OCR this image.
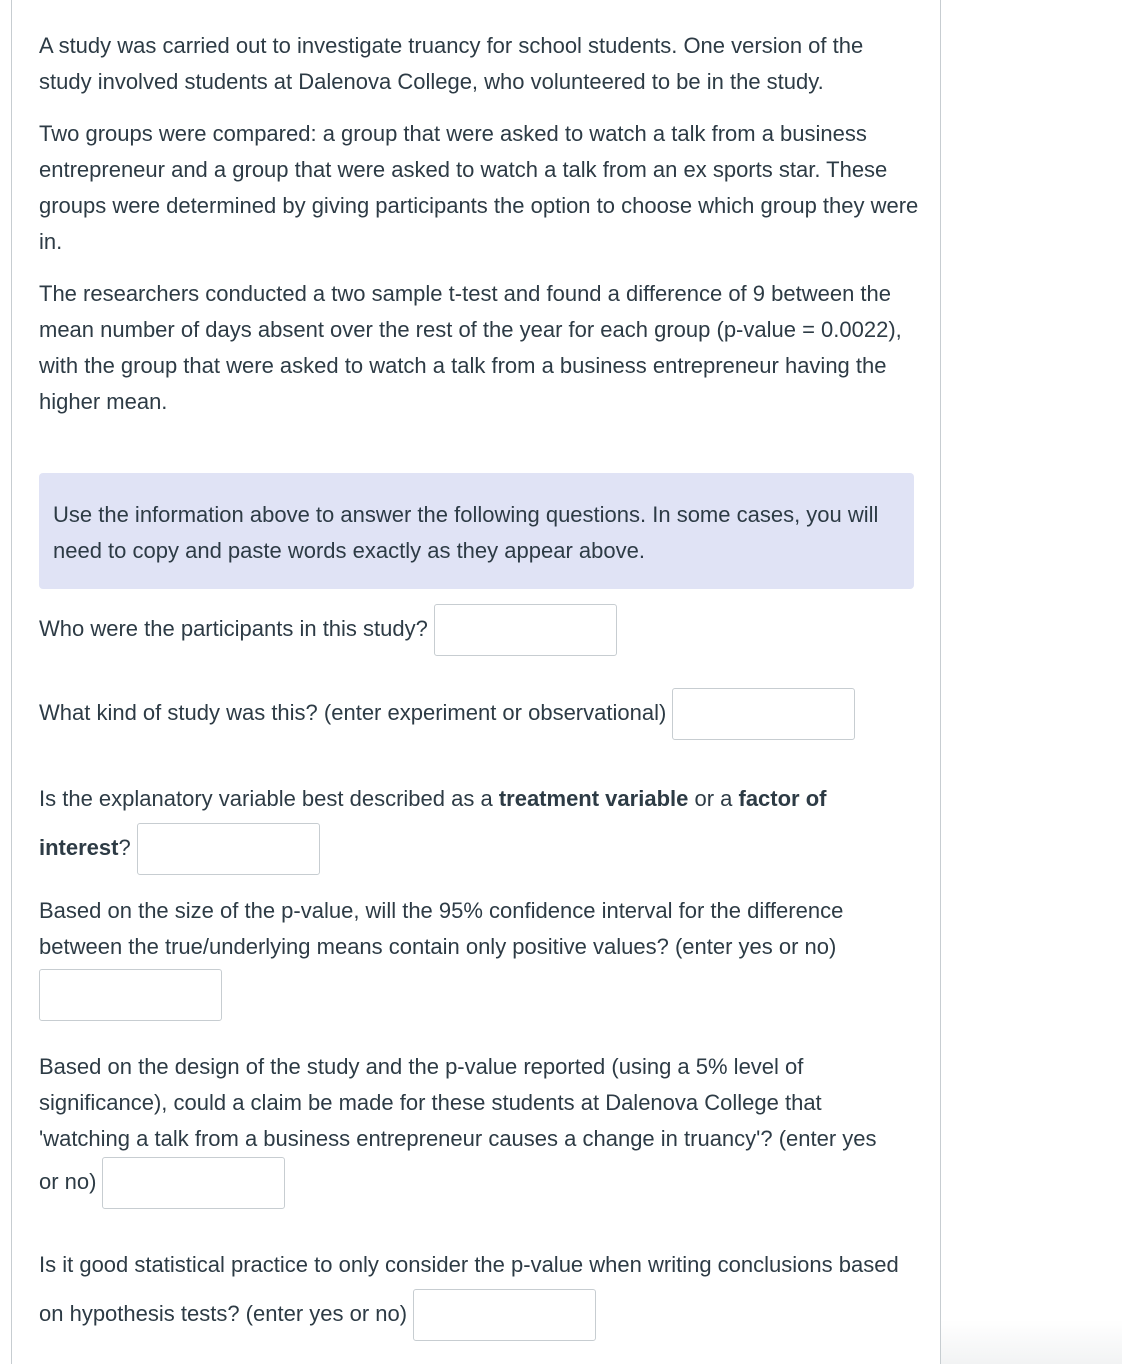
A study was carried out to investigate truancy for school students. One version of the study involved students at Dalenova College, who volunteered to be in the study.

Two groups were compared: a group that were asked to watch a talk from a business entrepreneur and a group that were asked to watch a talk from an ex sports star. These groups were determined by giving participants the option to choose which group they were in.

The researchers conducted a two sample t-test and found a difference of 9 between the mean number of days absent over the rest of the year for each group (p-value = 0.0022), with the group that were asked to watch a talk from a business entrepreneur having the higher mean.

Use the information above to answer the following questions. In some cases, you will need to copy and paste words exactly as they appear above.

Who were the participants in this study?
What kind of study was this? (enter experiment or observational)
Is the explanatory variable best described as a treatment variable or a factor of interest?

Based on the size of the p-value, will the 95% confidence interval for the difference between the true/underlying means contain only positive values? (enter yes or no)

Based on the design of the study and the p-value reported (using a 5% level of significance), could a claim be made for these students at Dalenova College that 'watching a talk from a business entrepreneur causes a change in truancy'? (enter yes or no)
Is it good statistical practice to only consider the p-value when writing conclusions based on hypothesis tests? (enter yes or no)
